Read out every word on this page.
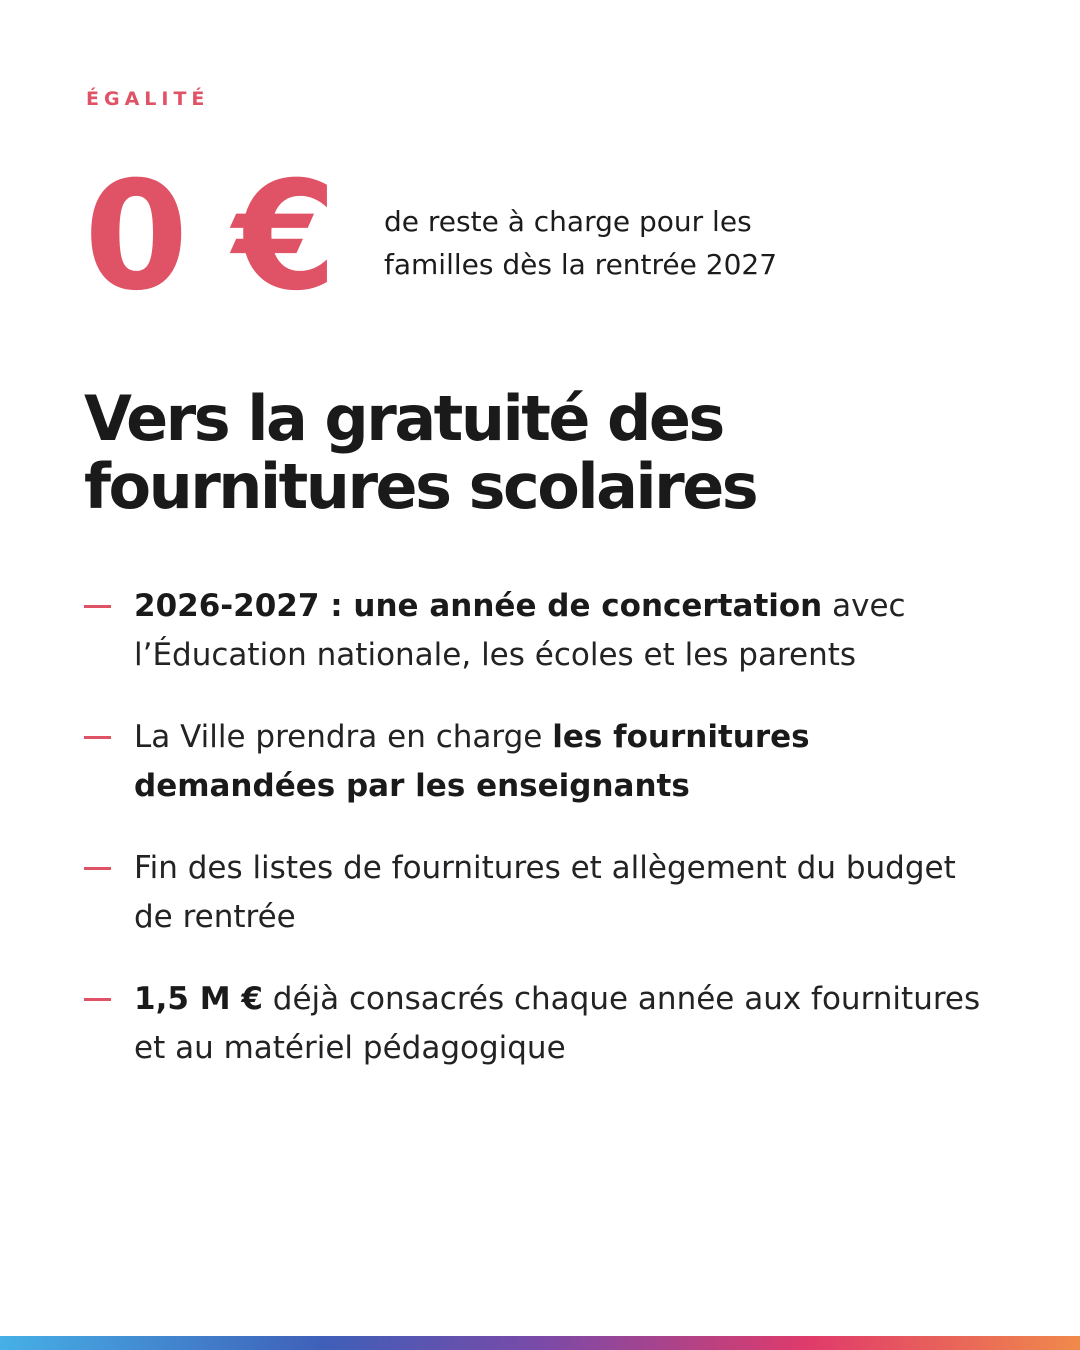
ÉGALITÉ
0 € de reste à charge pour les
familles dès la rentrée 2027
Vers la gratuité des
fournitures scolaires
2026-2027 : une année de concertation avec l’Éducation nationale, les écoles et les parents
La Ville prendra en charge les fournitures demandées par les enseignants
Fin des listes de fournitures et allègement du budget de rentrée
1,5 M € déjà consacrés chaque année aux fournitures et au matériel pédagogique
